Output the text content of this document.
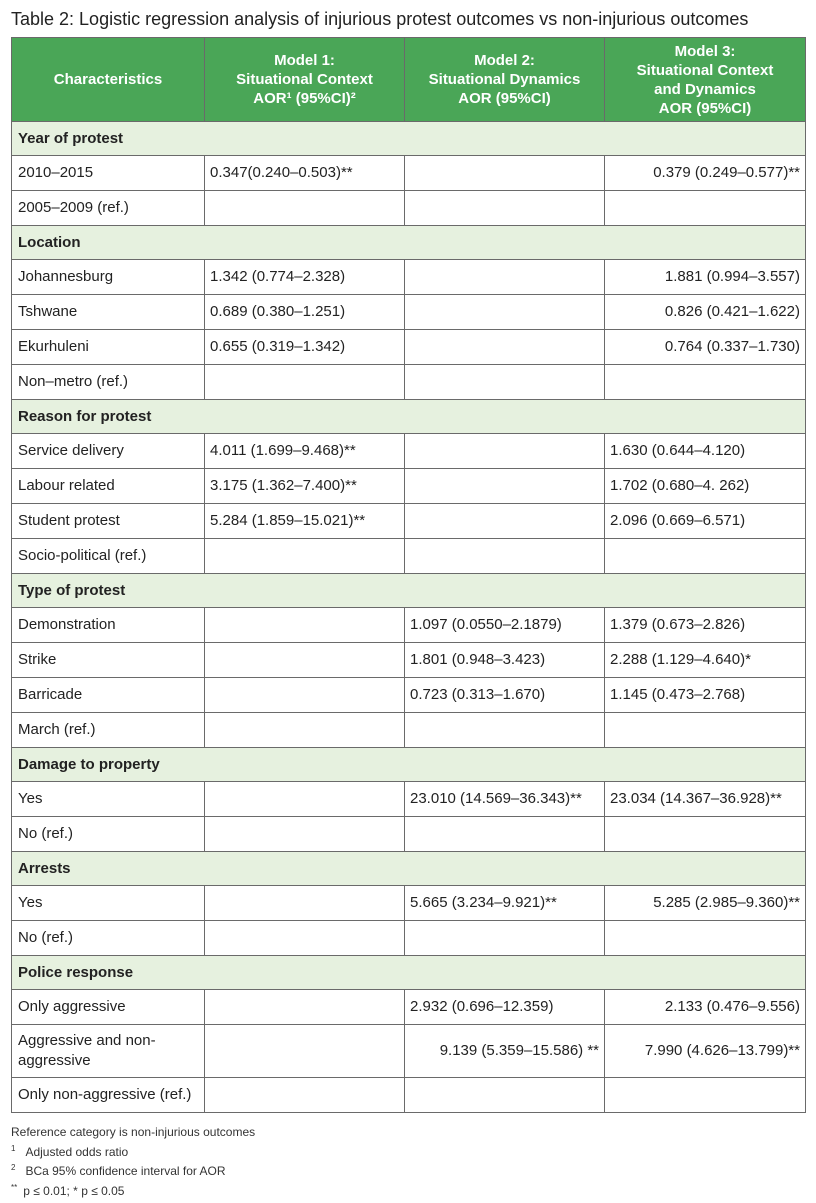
Table 2: Logistic regression analysis of injurious protest outcomes vs non-injurious outcomes
Characteristics	Model 1:
Situational Context
AOR¹ (95%CI)²	Model 2:
Situational Dynamics
AOR (95%CI)	Model 3:
Situational Context
and Dynamics
AOR (95%CI)
Year of protest			
2010–2015	0.347(0.240–0.503)**		0.379 (0.249–0.577)**
2005–2009 (ref.)			
Location			
Johannesburg	1.342 (0.774–2.328)		1.881 (0.994–3.557)
Tshwane	0.689 (0.380–1.251)		0.826 (0.421–1.622)
Ekurhuleni	0.655 (0.319–1.342)		0.764 (0.337–1.730)
Non–metro (ref.)			
Reason for protest			
Service delivery	4.011 (1.699–9.468)**		1.630 (0.644–4.120)
Labour related	3.175 (1.362–7.400)**		1.702 (0.680–4. 262)
Student protest	5.284 (1.859–15.021)**		2.096 (0.669–6.571)
Socio-political (ref.)			
Type of protest			
Demonstration		1.097 (0.0550–2.1879)	1.379 (0.673–2.826)
Strike		1.801 (0.948–3.423)	2.288 (1.129–4.640)*
Barricade		0.723 (0.313–1.670)	1.145 (0.473–2.768)
March (ref.)			
Damage to property			
Yes		23.010 (14.569–36.343)**	23.034 (14.367–36.928)**
No (ref.)			
Arrests			
Yes		5.665 (3.234–9.921)**	5.285 (2.985–9.360)**
No (ref.)			
Police response			
Only aggressive		2.932 (0.696–12.359)	2.133 (0.476–9.556)
Aggressive and non-aggressive		9.139 (5.359–15.586) **	7.990 (4.626–13.799)**
Only non-aggressive (ref.)			
Reference category is non-injurious outcomes
$^1$ Adjusted odds ratio
$^2$ BCa 95% confidence interval for AOR
** p ≤ 0.01; * p ≤ 0.05
